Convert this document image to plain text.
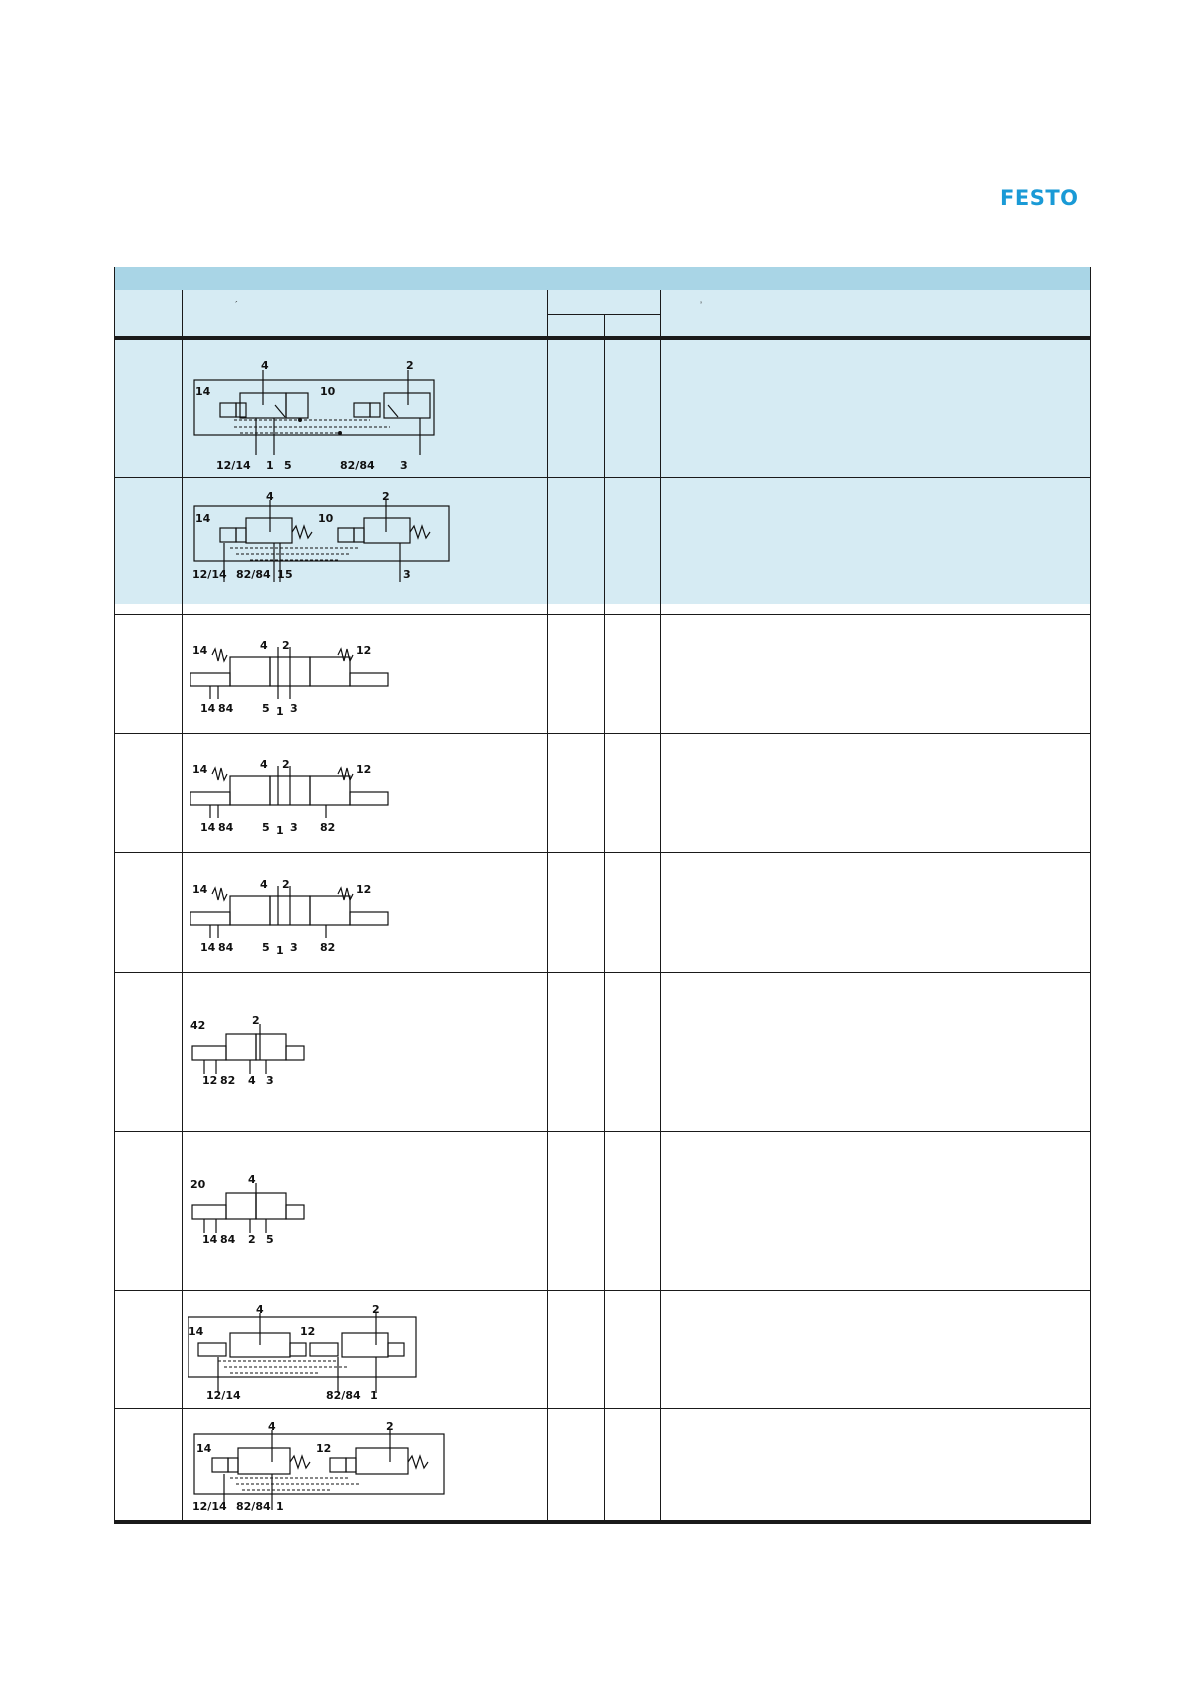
FESTO
´	’
4	2
14	10
12/14 1 5	82/84 3
4	2
14	10
12/14 82/84 1 5	3
14	4 2	12
14 84	5 1 3
14	4 2	12
14 84	5 1 3 82
14	4 2	12
14 84	5 1 3 82
42	2
12 82 4 3
20	4
14 84 2 5
4	2
14	12
12/14	82/84 1
4	2
14	12
12/14 82/84 1
